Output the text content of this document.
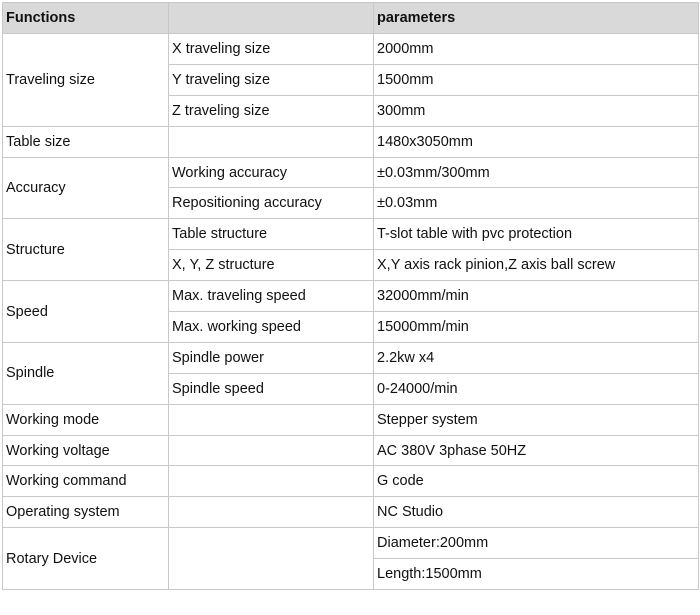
Functions		parameters
Traveling size	X traveling size	2000mm
	Y traveling size	1500mm
	Z traveling size	300mm
Table size		1480x3050mm
Accuracy	Working accuracy	±0.03mm/300mm
	Repositioning accuracy	±0.03mm
Structure	Table structure	T-slot table with pvc protection
	X, Y, Z structure	X,Y axis rack pinion,Z axis ball screw
Speed	Max. traveling speed	32000mm/min
	Max. working speed	15000mm/min
Spindle	Spindle power	2.2kw x4
	Spindle speed	0-24000/min
Working mode		Stepper system
Working voltage		AC 380V 3phase 50HZ
Working command		G code
Operating system		NC Studio
Rotary Device		Diameter:200mm
		Length:1500mm
